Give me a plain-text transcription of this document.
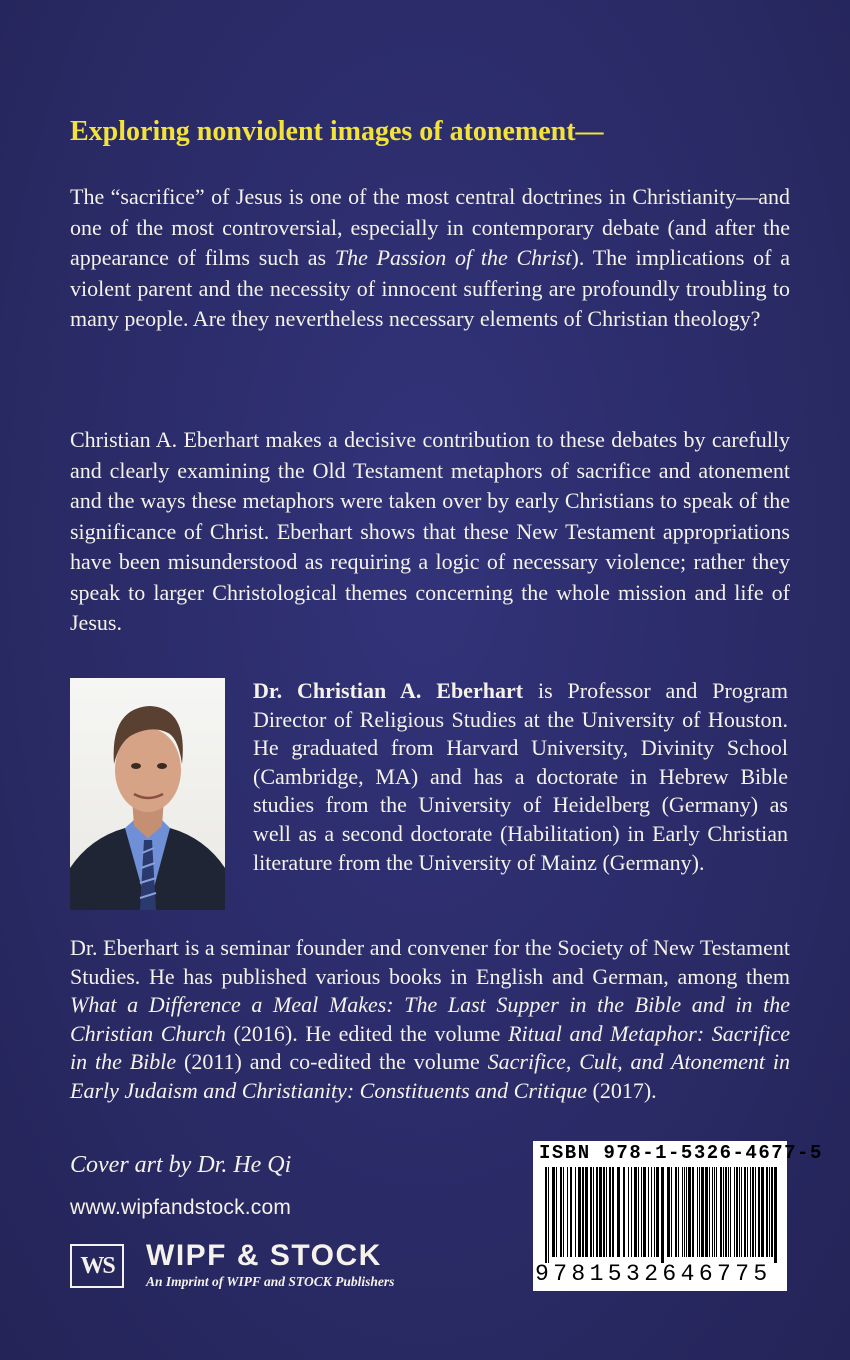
Exploring nonviolent images of atonement—

The “sacrifice” of Jesus is one of the most central doctrines in Christianity—and one of the most controversial, especially in contemporary debate (and after the appearance of films such as The Passion of the Christ). The implications of a violent parent and the necessity of innocent suffering are profoundly troubling to many people. Are they nevertheless necessary elements of Christian theology?

Christian A. Eberhart makes a decisive contribution to these debates by carefully and clearly examining the Old Testament metaphors of sacrifice and atonement and the ways these metaphors were taken over by early Christians to speak of the significance of Christ. Eberhart shows that these New Testament appropriations have been misunderstood as requiring a logic of necessary violence; rather they speak to larger Christological themes concerning the whole mission and life of Jesus.

Dr. Christian A. Eberhart is Professor and Program Director of Religious Studies at the University of Houston. He graduated from Harvard University, Divinity School (Cambridge, MA) and has a doctorate in Hebrew Bible studies from the University of Heidelberg (Germany) as well as a second doctorate (Habilitation) in Early Christian literature from the University of Mainz (Germany).

Dr. Eberhart is a seminar founder and convener for the Society of New Testament Studies. He has published various books in English and German, among them What a Difference a Meal Makes: The Last Supper in the Bible and in the Christian Church (2016). He edited the volume Ritual and Metaphor: Sacrifice in the Bible (2011) and co-edited the volume Sacrifice, Cult, and Atonement in Early Judaism and Christianity: Constituents and Critique (2017).

Cover art by Dr. He Qi
www.wipfandstock.com
WS	WIPF & STOCK
An Imprint of WIPF and STOCK Publishers
ISBN 978-1-5326-4677-5
9781532646775
